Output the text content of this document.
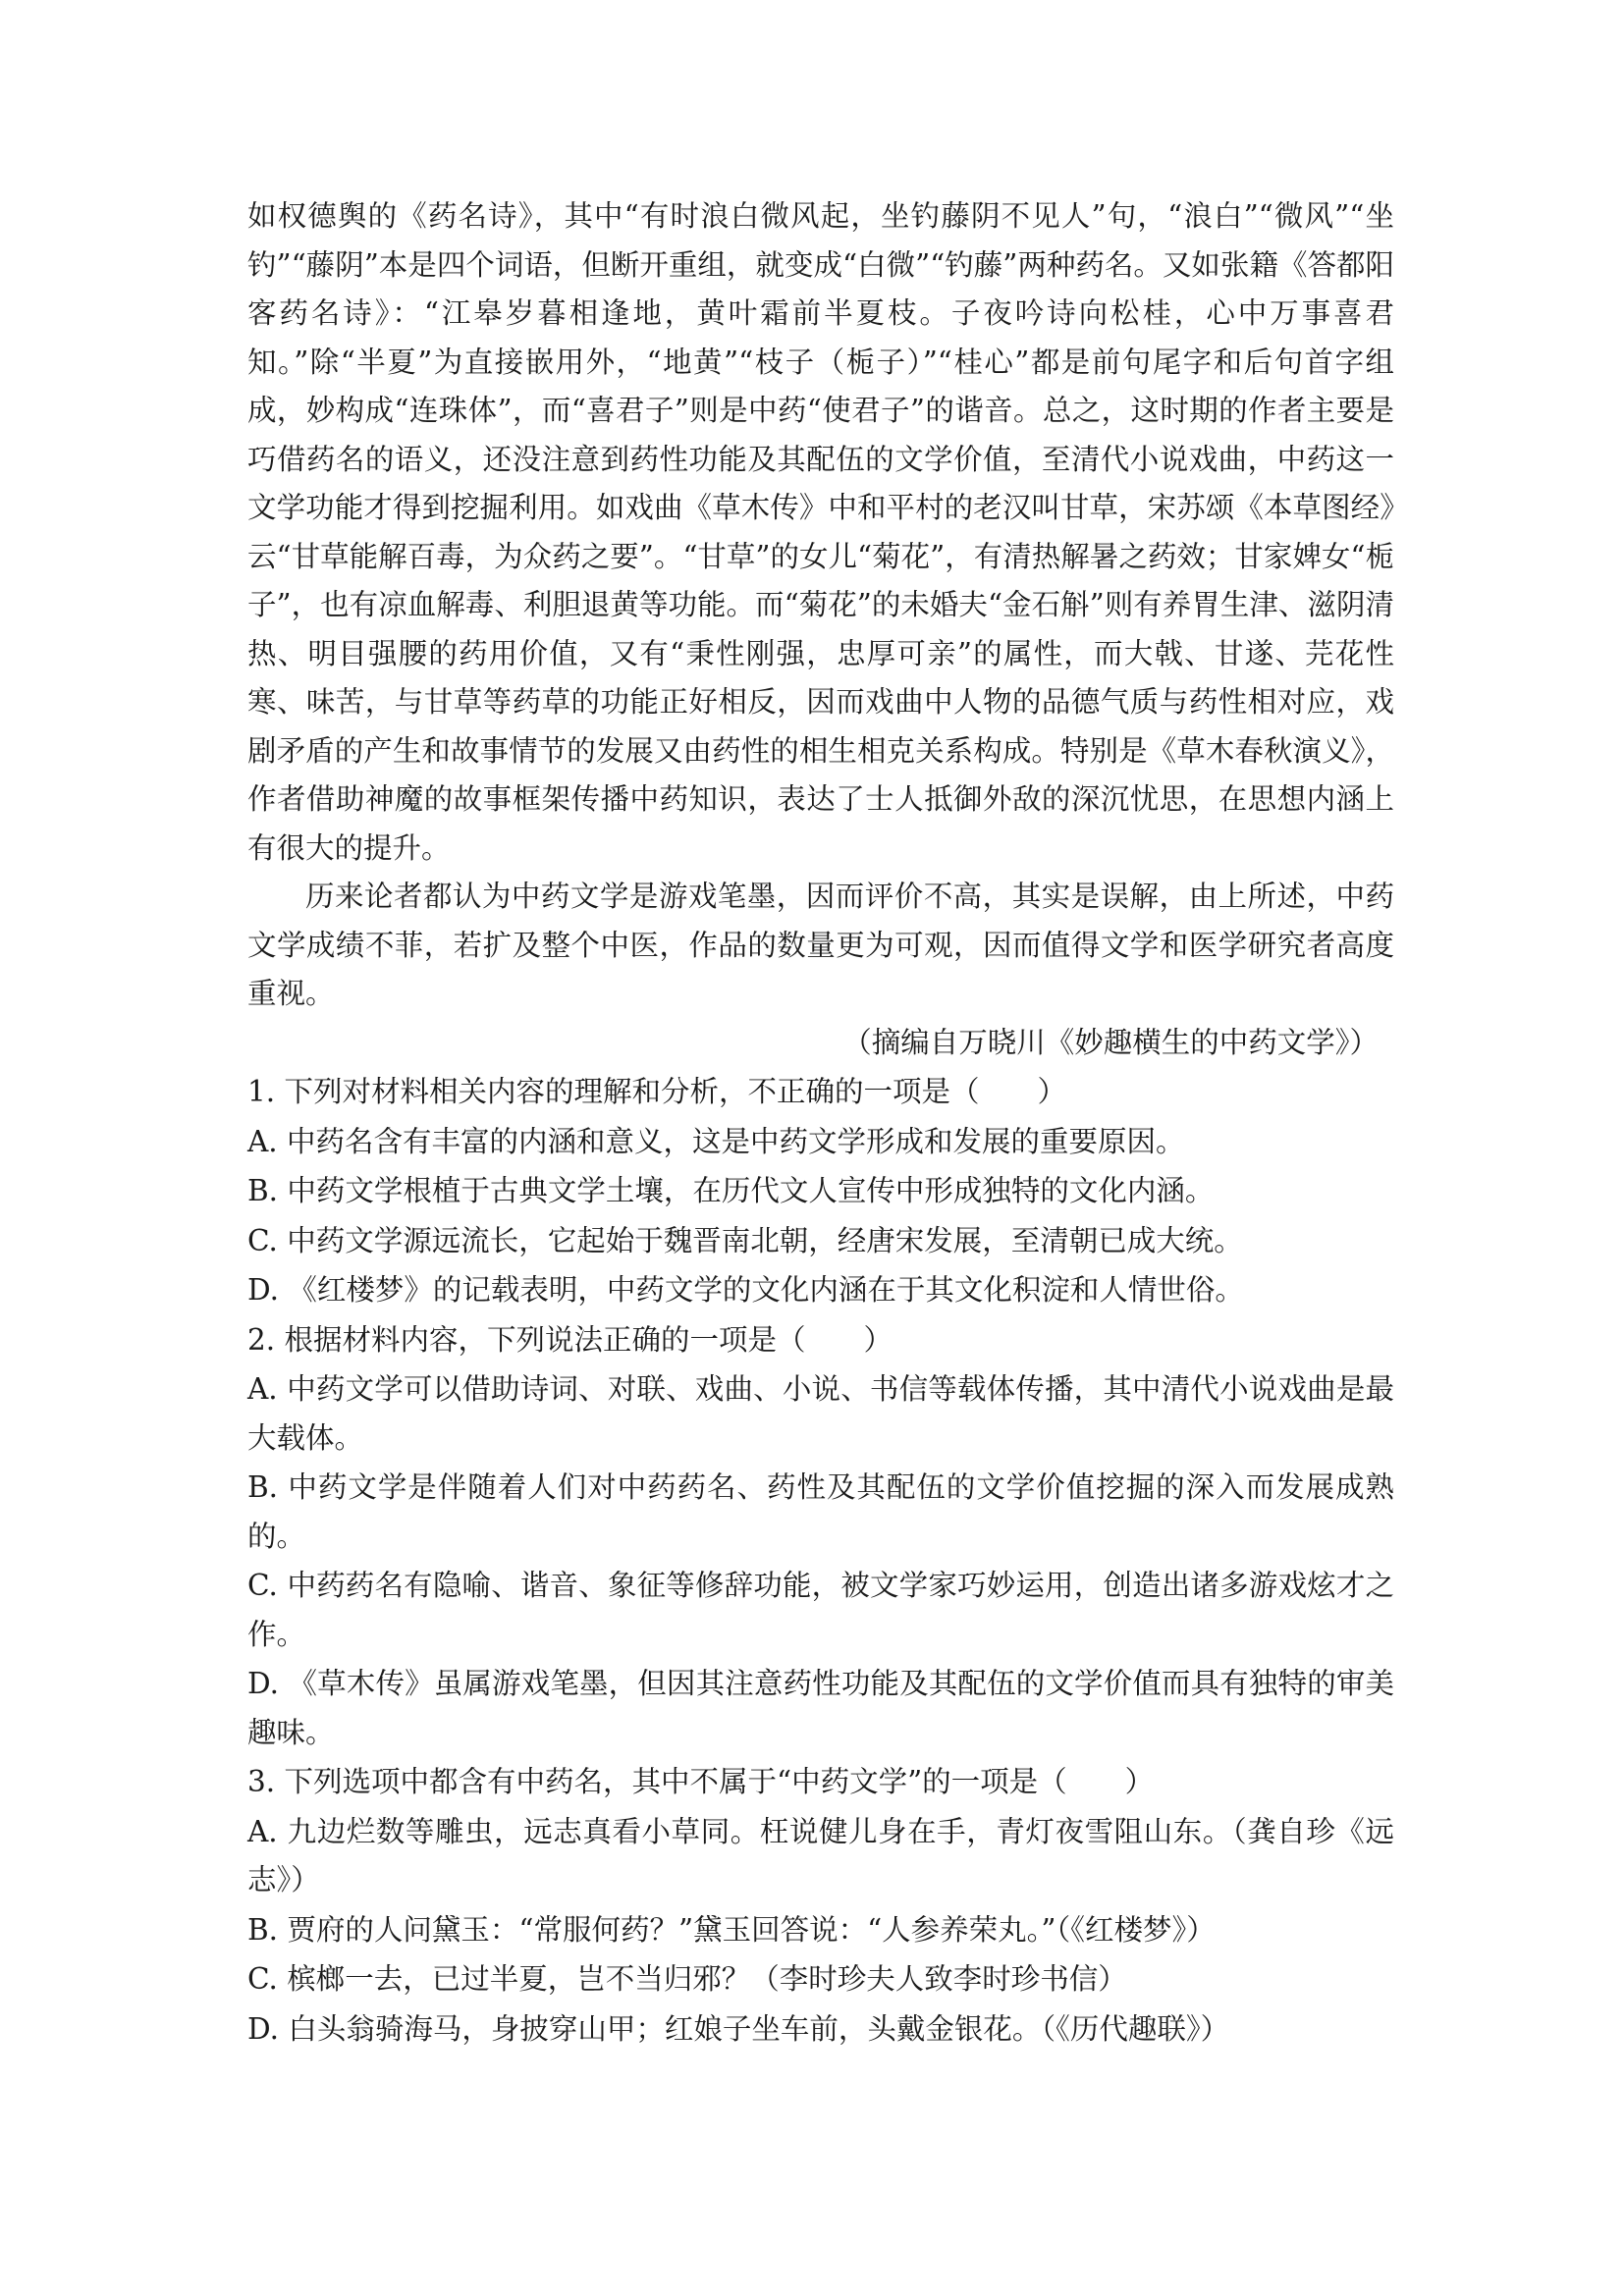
如权德舆的《药名诗》，其中“有时浪白微风起，坐钓藤阴不见人”句，“浪白”“微风”“坐钓”“藤阴”本是四个词语，但断开重组，就变成“白微”“钓藤”两种药名。又如张籍《答都阳客药名诗》：“江皋岁暮相逢地，黄叶霜前半夏枝。子夜吟诗向松桂，心中万事喜君知。”除“半夏”为直接嵌用外，“地黄”“枝子（栀子）”“桂心”都是前句尾字和后句首字组成，妙构成“连珠体”，而“喜君子”则是中药“使君子”的谐音。总之，这时期的作者主要是巧借药名的语义，还没注意到药性功能及其配伍的文学价值，至清代小说戏曲，中药这一文学功能才得到挖掘利用。如戏曲《草木传》中和平村的老汉叫甘草，宋苏颂《本草图经》云“甘草能解百毒，为众药之要”。“甘草”的女儿“菊花”，有清热解暑之药效；甘家婢女“栀子”，也有凉血解毒、利胆退黄等功能。而“菊花”的未婚夫“金石斛”则有养胃生津、滋阴清热、明目强腰的药用价值，又有“秉性刚强，忠厚可亲”的属性，而大戟、甘遂、芫花性寒、味苦，与甘草等药草的功能正好相反，因而戏曲中人物的品德气质与药性相对应，戏剧矛盾的产生和故事情节的发展又由药性的相生相克关系构成。特别是《草木春秋演义》，作者借助神魔的故事框架传播中药知识，表达了士人抵御外敌的深沉忧思，在思想内涵上有很大的提升。

历来论者都认为中药文学是游戏笔墨，因而评价不高，其实是误解，由上所述，中药文学成绩不菲，若扩及整个中医，作品的数量更为可观，因而值得文学和医学研究者高度重视。

（摘编自万晓川《妙趣横生的中药文学》）

1. 下列对材料相关内容的理解和分析，不正确的一项是（　　）

A. 中药名含有丰富的内涵和意义，这是中药文学形成和发展的重要原因。

B. 中药文学根植于古典文学土壤，在历代文人宣传中形成独特的文化内涵。

C. 中药文学源远流长，它起始于魏晋南北朝，经唐宋发展，至清朝已成大统。

D. 《红楼梦》的记载表明，中药文学的文化内涵在于其文化积淀和人情世俗。

2. 根据材料内容，下列说法正确的一项是（　　）

A. 中药文学可以借助诗词、对联、戏曲、小说、书信等载体传播，其中清代小说戏曲是最大载体。

B. 中药文学是伴随着人们对中药药名、药性及其配伍的文学价值挖掘的深入而发展成熟的。

C. 中药药名有隐喻、谐音、象征等修辞功能，被文学家巧妙运用，创造出诸多游戏炫才之作。

D. 《草木传》虽属游戏笔墨，但因其注意药性功能及其配伍的文学价值而具有独特的审美趣味。

3. 下列选项中都含有中药名，其中不属于“中药文学”的一项是（　　）

A. 九边烂数等雕虫，远志真看小草同。枉说健儿身在手，青灯夜雪阻山东。（龚自珍《远志》）

B. 贾府的人问黛玉：“常服何药？”黛玉回答说：“人参养荣丸。”（《红楼梦》）

C. 槟榔一去，已过半夏，岂不当归邪？（李时珍夫人致李时珍书信）

D. 白头翁骑海马，身披穿山甲；红娘子坐车前，头戴金银花。（《历代趣联》）
